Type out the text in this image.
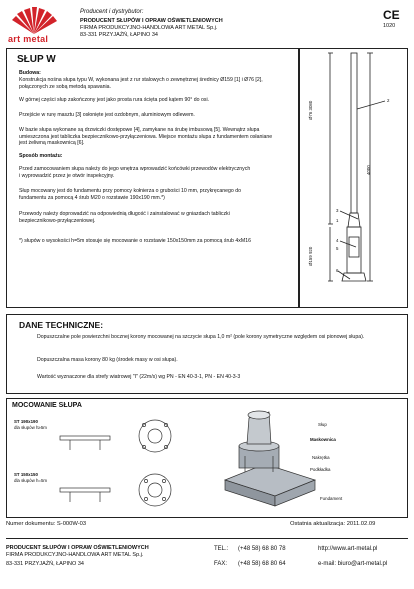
art metal
Producent i dystrybutor:
PRODUCENT SŁUPÓW I OPRAW OŚWIETLENIOWYCH
FIRMA PRODUKCYJNO-HANDLOWA ART METAL Sp.j.
83-331 PRZYJAŹŃ, ŁAPINO 34
CE
1020
SŁUP W
Budowa:
Konstrukcja nośna słupa typu W, wykonana jest z rur stalowych o zewnętrznej średnicy Ø159 [1] i Ø76 [2], połączonych ze sobą metodą spawania.
W górnej części słup zakończony jest jako prosta rura ścięta pod kątem 90° do osi.
Przejście w rurę masztu [3] osłonięte jest ozdobnym, aluminiowym odlewem.
W bazie słupa wykonane są drzwiczki dostępowe [4], zamykane na śrubę imbusową [5]. Wewnątrz słupa umieszczona jest tabliczka bezpiecznikowo-przyłączeniowa. Miejsce montażu słupa z fundamentem osłaniane jest żeliwną maskownicą [6].
Sposób montażu:
Przed zamocowaniem słupa należy do jego wnętrza wprowadzić końcówki przewodów elektrycznych i wyprowadzić przez je otwór inspekcyjny.
Słup mocowany jest do fundamentu przy pomocy kołnierza o grubości 10 mm, przykręcanego do fundamentu za pomocą 4 śrub M20 o rozstawie 190x190 mm.*)
Przewody należy doprowadzić na odpowiednią długość i zainstalować w gniazdach tabliczki bezpiecznikowo-przyłączeniowej.
*) słupów o wysokości h=5m stosuje się mocowanie o rozstawie 150x150mm za pomocą śrub 4xM16
Ø76 3080
4000
Ø159 920
2
3
1
4
5
6
DANE TECHNICZNE:
Dopuszczalne pole powierzchni bocznej korony mocowanej na szczycie słupa 1,0 m² (pole korony symetryczne względem osi pionowej słupa).
Dopuszczalna masa korony 80 kg (środek masy w osi słupa).
Wartość wyznaczone dla strefy wiatrowej "I" (22m/s) wg PN - EN 40-3-1, PN - EN 40-3-3
MOCOWANIE SŁUPA
ST 190x190
dla słupów h≥5m
ST 150x150
dla słupów h=5m
Słup
Maskownica
Nakrętka
Podkładka
Fundament
Numer dokumentu: S-000W-03	Ostatnia aktualizacja: 2011.02.09
PRODUCENT SŁUPÓW I OPRAW OŚWIETLENIOWYCH
FIRMA PRODUKCYJNO-HANDLOWA ART METAL Sp.j.
83-331 PRZYJAŹŃ, ŁAPINO 34
TEL.: (+48 58) 68 80 78
FAX: (+48 58) 68 80 64
http://www.art-metal.pl
e-mail: biuro@art-metal.pl
